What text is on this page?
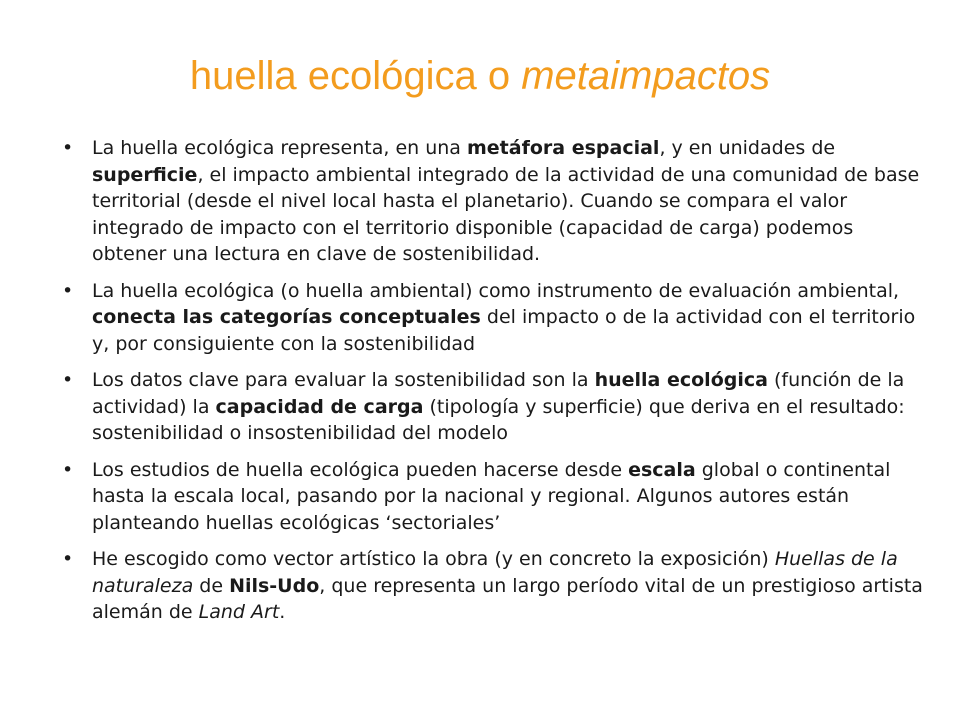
huella ecológica o metaimpactos
• La huella ecológica representa, en una metáfora espacial, y en unidades de superficie, el impacto ambiental integrado de la actividad de una comunidad de base territorial (desde el nivel local hasta el planetario). Cuando se compara el valor integrado de impacto con el territorio disponible (capacidad de carga) podemos obtener una lectura en clave de sostenibilidad.
• La huella ecológica (o huella ambiental) como instrumento de evaluación ambiental, conecta las categorías conceptuales del impacto o de la actividad con el territorio y, por consiguiente con la sostenibilidad
• Los datos clave para evaluar la sostenibilidad son la huella ecológica (función de la actividad) la capacidad de carga (tipología y superficie) que deriva en el resultado: sostenibilidad o insostenibilidad del modelo
• Los estudios de huella ecológica pueden hacerse desde escala global o continental hasta la escala local, pasando por la nacional y regional. Algunos autores están planteando huellas ecológicas ‘sectoriales’
• He escogido como vector artístico la obra (y en concreto la exposición) Huellas de la naturaleza de Nils-Udo, que representa un largo período vital de un prestigioso artista alemán de Land Art.
